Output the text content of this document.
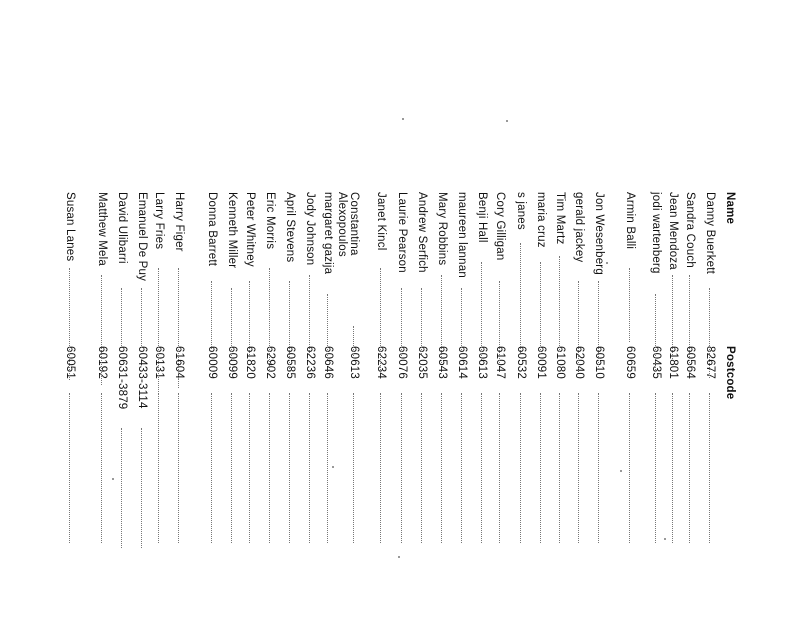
Name
Postcode
Danny Buerkett
82677
Sandra Couch
60564
Jean Mendoza
61801
jodi wartenberg
60435
Armin Balli
60659
Jon Wesenberg
60510
gerald jackey
62040
Tim Martz
61080
maria cruz
60091
s janes
60532
Cory Gilligan
61047
Benji Hall
60613
maureen lannan
60614
Mary Robbins
60543
Andrew Serfich
62035
Laurie Pearson
60076
Janet Kincl
62234
Constantina Alexopoulos
60613
margaret gazija
60646
Jody Johnson
62236
April Stevens
60585
Eric Morris
62902
Peter Whitney
61820
Kenneth Miller
60099
Donna Barrett
60009
Harry Figer
61604
Larry Fries
60131
Emanuel De Puy
60433-3114
David Ulibarri
60631-3879
Matthew Mela
60192
Susan Lanes
60051
